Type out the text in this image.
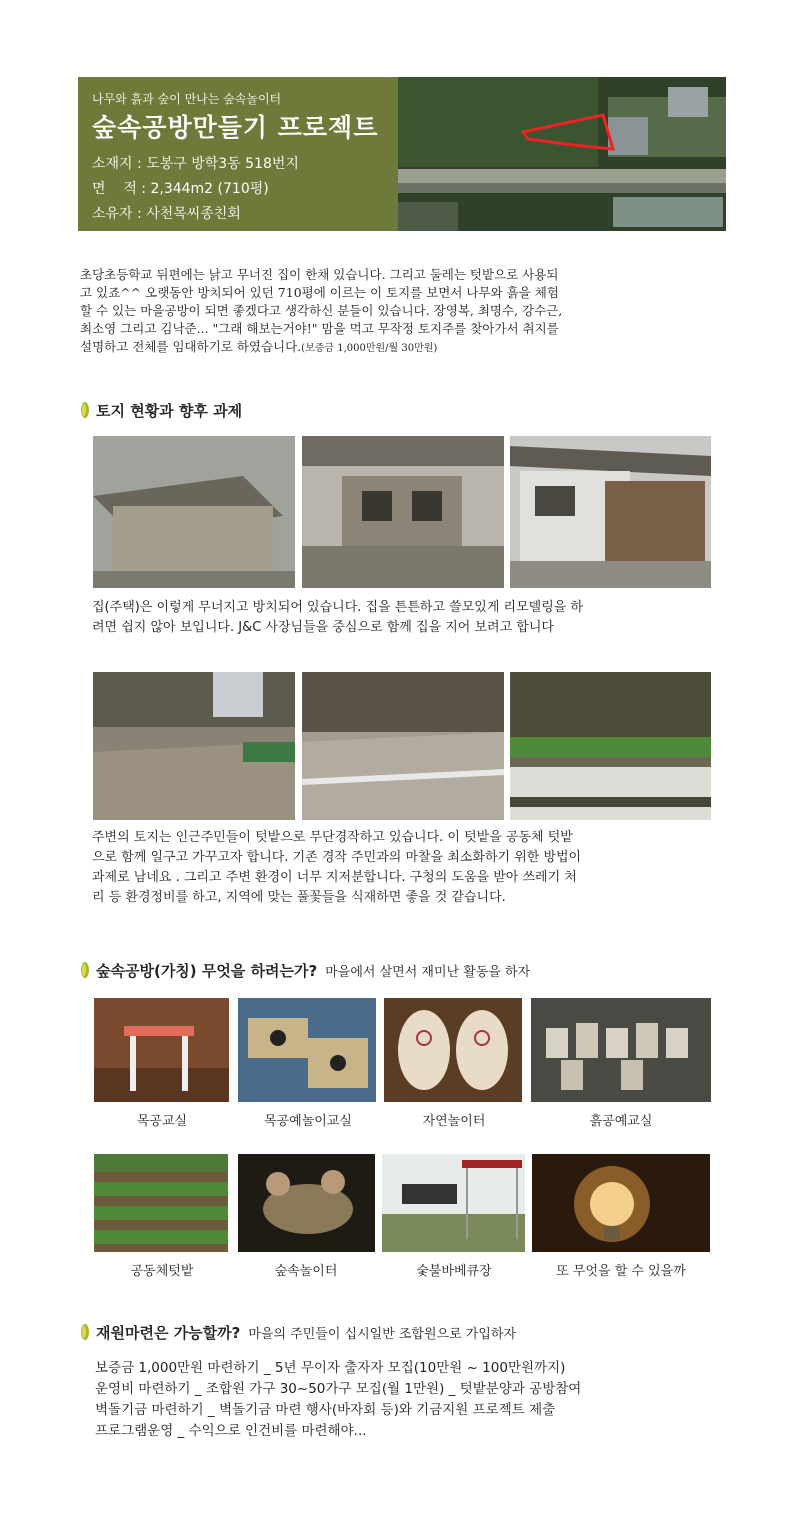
나무와 흙과 숲이 만나는 숲속놀이터
숲속공방만들기 프로젝트
소재지 : 도봉구 방학3동 518번지
면    적 : 2,344m2 (710평)
소유자 : 사천목씨종친회
초당초등학교 뒤편에는 낡고 무너진 집이 한채 있습니다. 그리고 둘레는 텃밭으로 사용되
고 있죠^^ 오랫동안 방치되어 있던 710평에 이르는 이 토지를 보면서 나무와 흙을 체험
할 수 있는 마을공방이 되면 좋겠다고 생각하신 분들이 있습니다. 장영복, 최명수, 강수근,
최소영 그리고 김낙준... "그래 해보는거야!" 맘을 먹고 무작정 토지주를 찾아가서 취지를
설명하고 전체를 임대하기로 하였습니다.(보증금 1,000만원/월 30만원)
토지 현황과 향후 과제
집(주택)은 이렇게 무너지고 방치되어 있습니다. 집을 튼튼하고 쓸모있게 리모델링을 하
려면 쉽지 않아 보입니다. J&C 사장님들을 중심으로 함께 집을 지어 보려고 합니다
주변의 토지는 인근주민들이 텃밭으로 무단경작하고 있습니다. 이 텃밭을 공동체 텃밭
으로 함께 일구고 가꾸고자 합니다. 기존 경작 주민과의 마찰을 최소화하기 위한 방법이
과제로 남네요 . 그리고 주변 환경이 너무 지저분합니다. 구청의 도움을 받아 쓰레기 처
리 등 환경정비를 하고, 지역에 맞는 풀꽃들을 식재하면 좋을 것 같습니다.
숲속공방(가칭) 무엇을 하려는가? 마을에서 살면서 재미난 활동을 하자
목공교실	목공예놀이교실	자연놀이터	흙공예교실
공동체텃밭	숲속놀이터	숯불바베큐장	또 무엇을 할 수 있을까
재원마련은 가능할까? 마을의 주민들이 십시일반 조합원으로 가입하자
보증금 1,000만원 마련하기 _ 5년 무이자 출자자 모집(10만원 ~ 100만원까지)
운영비 마련하기 _ 조합원 가구 30~50가구 모집(월 1만원) _ 텃밭분양과 공방참여
벽돌기금 마련하기 _ 벽돌기금 마련 행사(바자회 등)와 기금지원 프로젝트 제출
프로그램운영 _ 수익으로 인건비를 마련해야...
